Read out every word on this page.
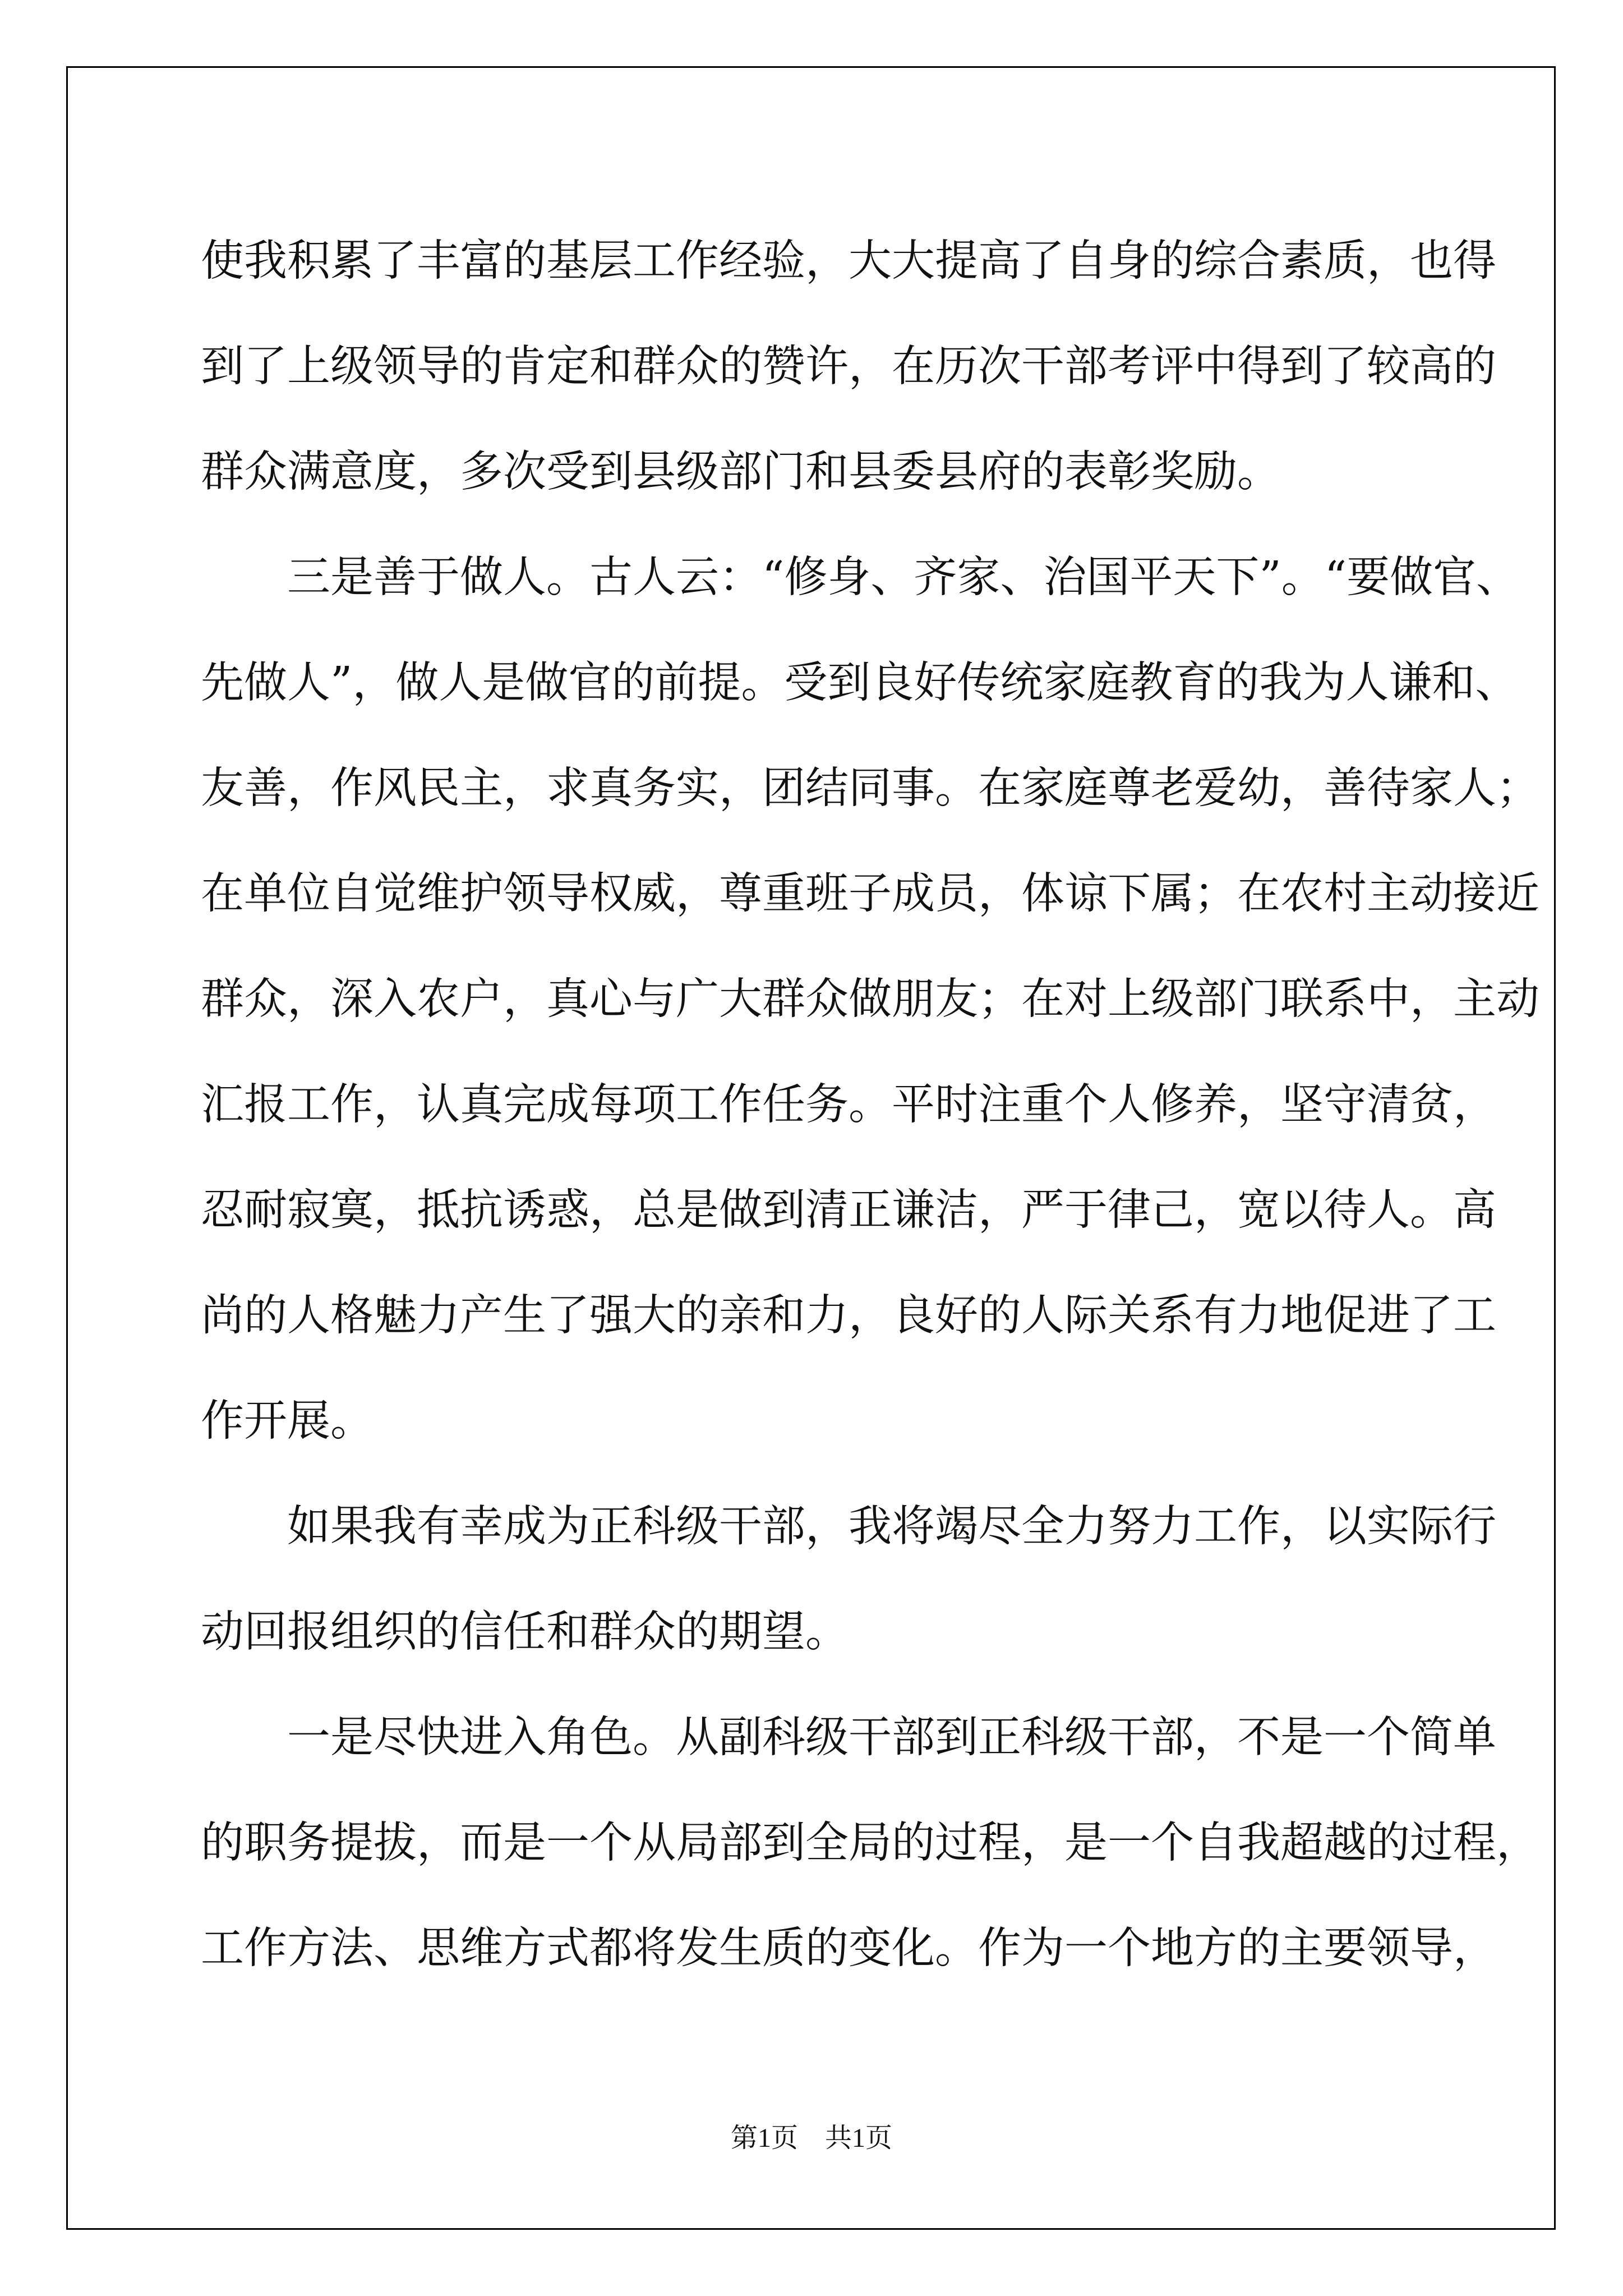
使我积累了丰富的基层工作经验，大大提高了自身的综合素质，也得
到了上级领导的肯定和群众的赞许，在历次干部考评中得到了较高的
群众满意度，多次受到县级部门和县委县府的表彰奖励。
　　三是善于做人。古人云：“修身、齐家、治国平天下”。“要做官、
先做人”，做人是做官的前提。受到良好传统家庭教育的我为人谦和、
友善，作风民主，求真务实，团结同事。在家庭尊老爱幼，善待家人；
在单位自觉维护领导权威，尊重班子成员，体谅下属；在农村主动接近
群众，深入农户，真心与广大群众做朋友；在对上级部门联系中，主动
汇报工作，认真完成每项工作任务。平时注重个人修养，坚守清贫，
忍耐寂寞，抵抗诱惑，总是做到清正谦洁，严于律己，宽以待人。高
尚的人格魅力产生了强大的亲和力，良好的人际关系有力地促进了工
作开展。
　　如果我有幸成为正科级干部，我将竭尽全力努力工作，以实际行
动回报组织的信任和群众的期望。
　　一是尽快进入角色。从副科级干部到正科级干部，不是一个简单
的职务提拔，而是一个从局部到全局的过程，是一个自我超越的过程，
工作方法、思维方式都将发生质的变化。作为一个地方的主要领导，
第1页　共1页
